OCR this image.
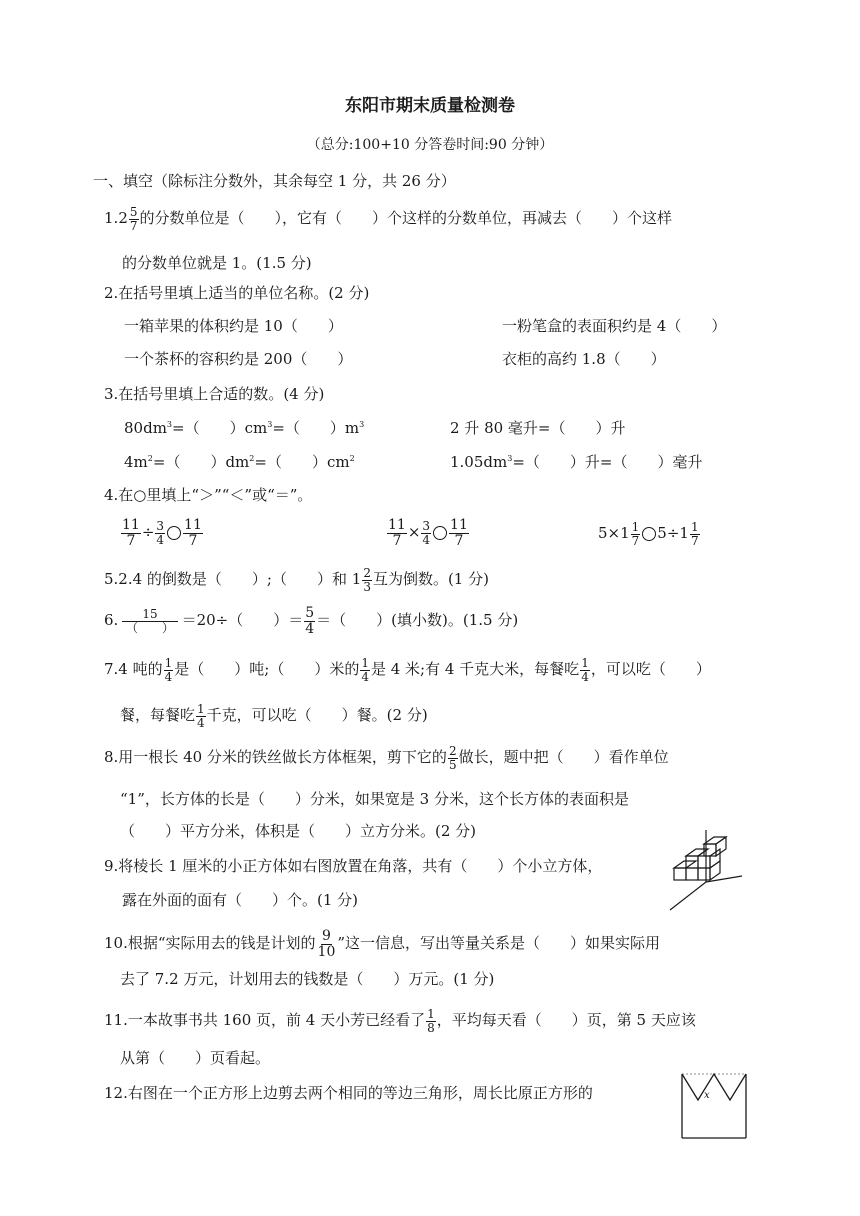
东阳市期末质量检测卷
（总分:100+10 分答卷时间:90 分钟）
一、填空（除标注分数外，其余每空 1 分，共 26 分）
$1.2 \frac{5}{7}$ 的分数单位是（　　），它有（　　）个这样的分数单位，再减去（　　）个这样
的分数单位就是 1。(1.5 分)
2.在括号里填上适当的单位名称。(2 分)
一箱苹果的体积约是 10（　　）	一粉笔盒的表面积约是 4（　　）
一个茶杯的容积约是 200（　　）	衣柜的高约 1.8（　　）
3.在括号里填上合适的数。(4 分)
$80dm^3=$（　　）$cm^3=$（　　）$m^3$	2 升 80 毫升=（　　）升
$4m^2=$（　　）$dm^2=$（　　）$cm^2$	$1.05dm^3=$（　　）升=（　　）毫升
4.在○里填上“＞”“＜”或“＝”。
$\frac{11}{7} \div \frac{3}{4} \frac{11}{7}$	$\frac{11}{7} \times \frac{3}{4} \frac{11}{7}$	$5\times 1 \frac{1}{7} 5\div 1 \frac{1}{7}$
5.2.4 的倒数是（　　）;（　　）和 $1 \frac{2}{3}$ 互为倒数。(1 分)
6. $\frac{15}{( )} =20\div$（　　）＝ $\frac{5}{4}$ ＝（　　）(填小数)。(1.5 分)
7.4 吨的 $\frac{1}{4}$ 是（　　）吨;（　　）米的 $\frac{1}{4}$ 是 4 米;有 4 千克大米，每餐吃 $\frac{1}{4}$ ，可以吃（　　）
餐，每餐吃 $\frac{1}{4}$ 千克，可以吃（　　）餐。(2 分)
8.用一根长 40 分米的铁丝做长方体框架，剪下它的 $\frac{2}{5}$ 做长，题中把（　　）看作单位
“1”，长方体的长是（　　）分米，如果宽是 3 分米，这个长方体的表面积是
（　　）平方分米，体积是（　　）立方分米。(2 分)
9.将棱长 1 厘米的小正方体如右图放置在角落，共有（　　）个小立方体，
露在外面的面有（　　）个。(1 分)
10.根据“实际用去的钱是计划的 $\frac{9}{10}$ ”这一信息，写出等量关系是（　　）如果实际用
去了 7.2 万元，计划用去的钱数是（　　）万元。(1 分)
11.一本故事书共 160 页，前 4 天小芳已经看了 $\frac{1}{8}$ ，平均每天看（　　）页，第 5 天应该
从第（　　）页看起。
12.右图在一个正方形上边剪去两个相同的等边三角形，周长比原正方形的	x
